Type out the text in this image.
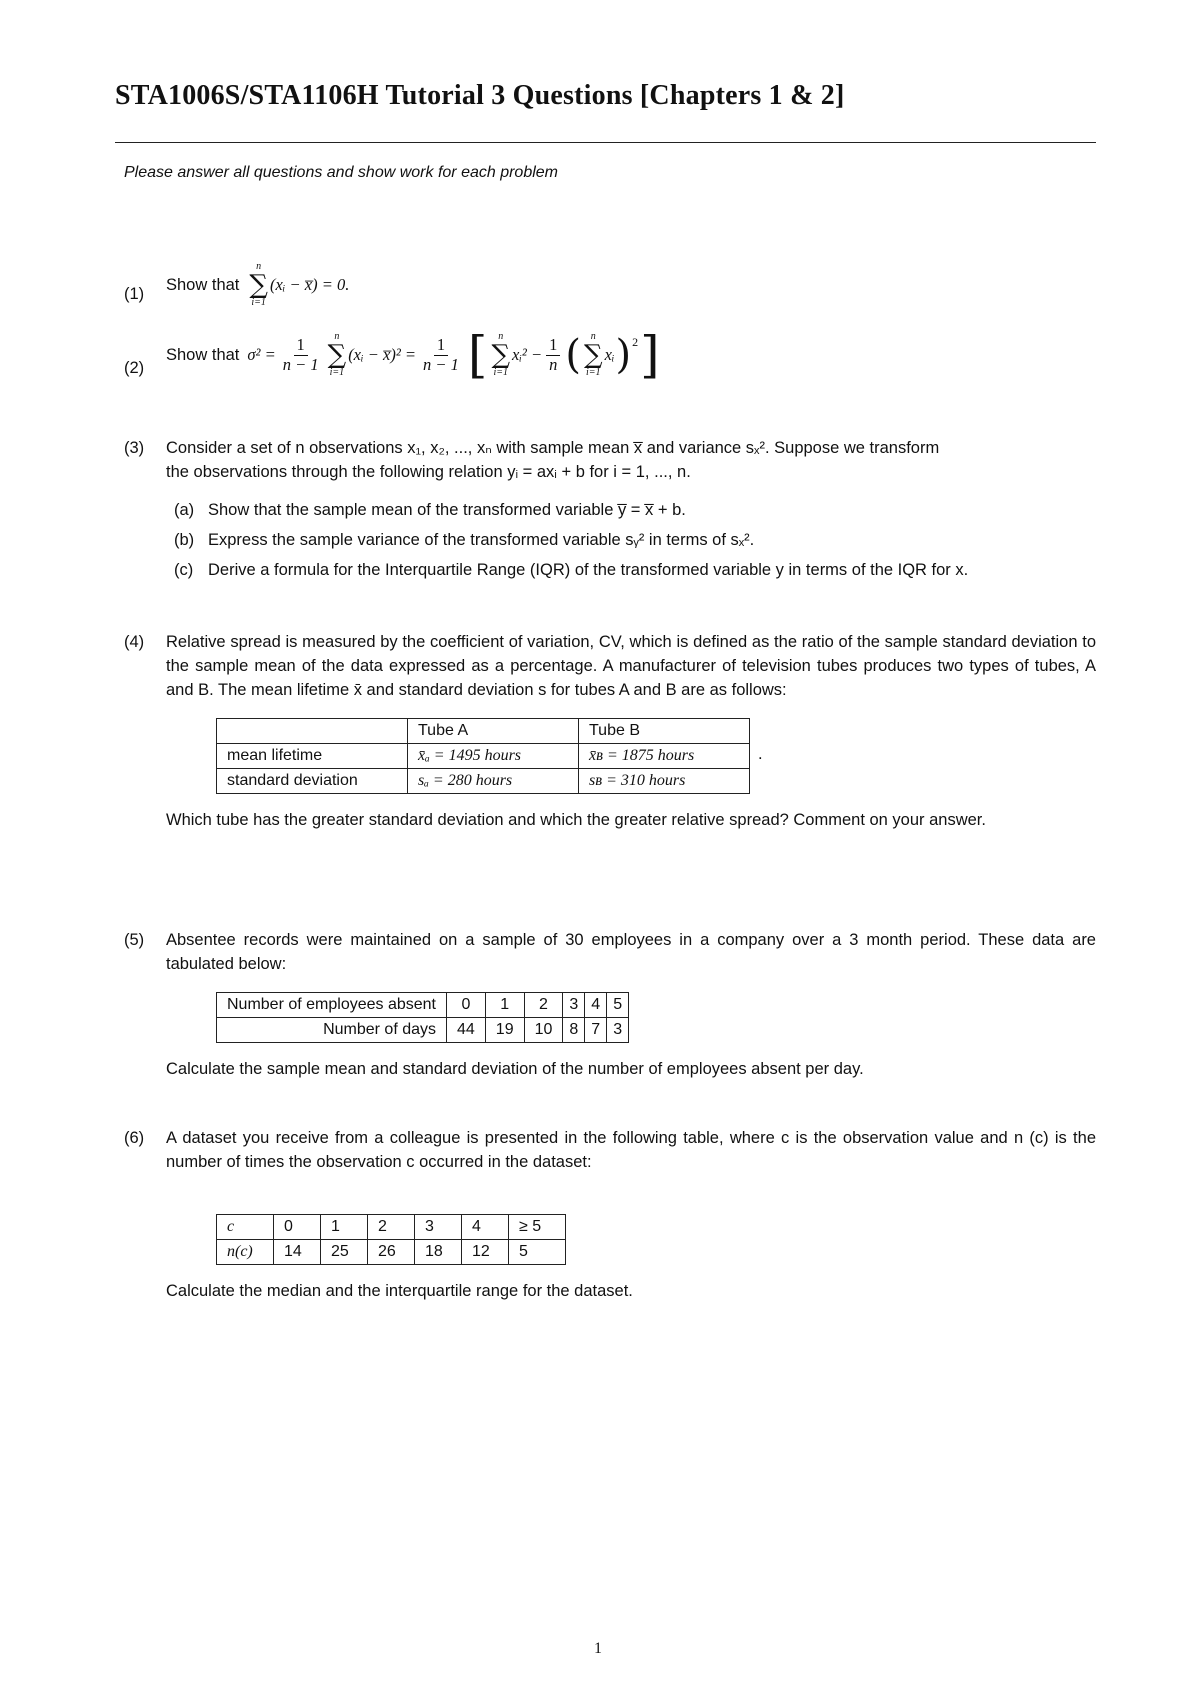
STA1006S/STA1106H Tutorial 3 Questions [Chapters 1 & 2]
Please answer all questions and show work for each problem
(1) Show that
n
∑
i=1
(xᵢ − x̅) = 0.
(2)
Show that $\sigma^2 = \frac{1}{n - 1}$ n
∑
i=1
(xᵢ − x̅)² = $\frac{1}{n - 1}$ [ n
∑
i=1
xᵢ² − $\frac{1}{n}$ ( n
∑
i=1
xᵢ ) 2 ]
(3) Consider a set of n observations x₁, x₂, ..., xₙ with sample mean x̅ and variance sₓ². Suppose we transform
the observations through the following relation yᵢ = axᵢ + b for i = 1, ..., n.
(a) Show that the sample mean of the transformed variable y̅ = x̅ + b.
(b) Express the sample variance of the transformed variable sᵧ² in terms of sₓ².
(c) Derive a formula for the Interquartile Range (IQR) of the transformed variable y in terms of the IQR for x.
(4) Relative spread is measured by the coefficient of variation, CV, which is defined as the ratio of the sample standard deviation to the sample mean of the data expressed as a percentage. A manufacturer of television tubes produces two types of tubes, A and B. The mean lifetime x̄ and standard deviation s for tubes A and B are as follows:
	Tube A	Tube B
mean lifetime	x̄ₐ = 1495 hours	x̄ʙ = 1875 hours
standard deviation	sₐ = 280 hours	sʙ = 310 hours
.
Which tube has the greater standard deviation and which the greater relative spread? Comment on your answer.
(5) Absentee records were maintained on a sample of 30 employees in a company over a 3 month period. These data are tabulated below:
Number of employees absent	0	1	2	3	4	5
Number of days	44	19	10	8	7	3
Calculate the sample mean and standard deviation of the number of employees absent per day.
(6) A dataset you receive from a colleague is presented in the following table, where c is the observation value and n (c) is the number of times the observation c occurred in the dataset:
c	0	1	2	3	4	≥ 5
n(c)	14	25	26	18	12	5
Calculate the median and the interquartile range for the dataset.
1
